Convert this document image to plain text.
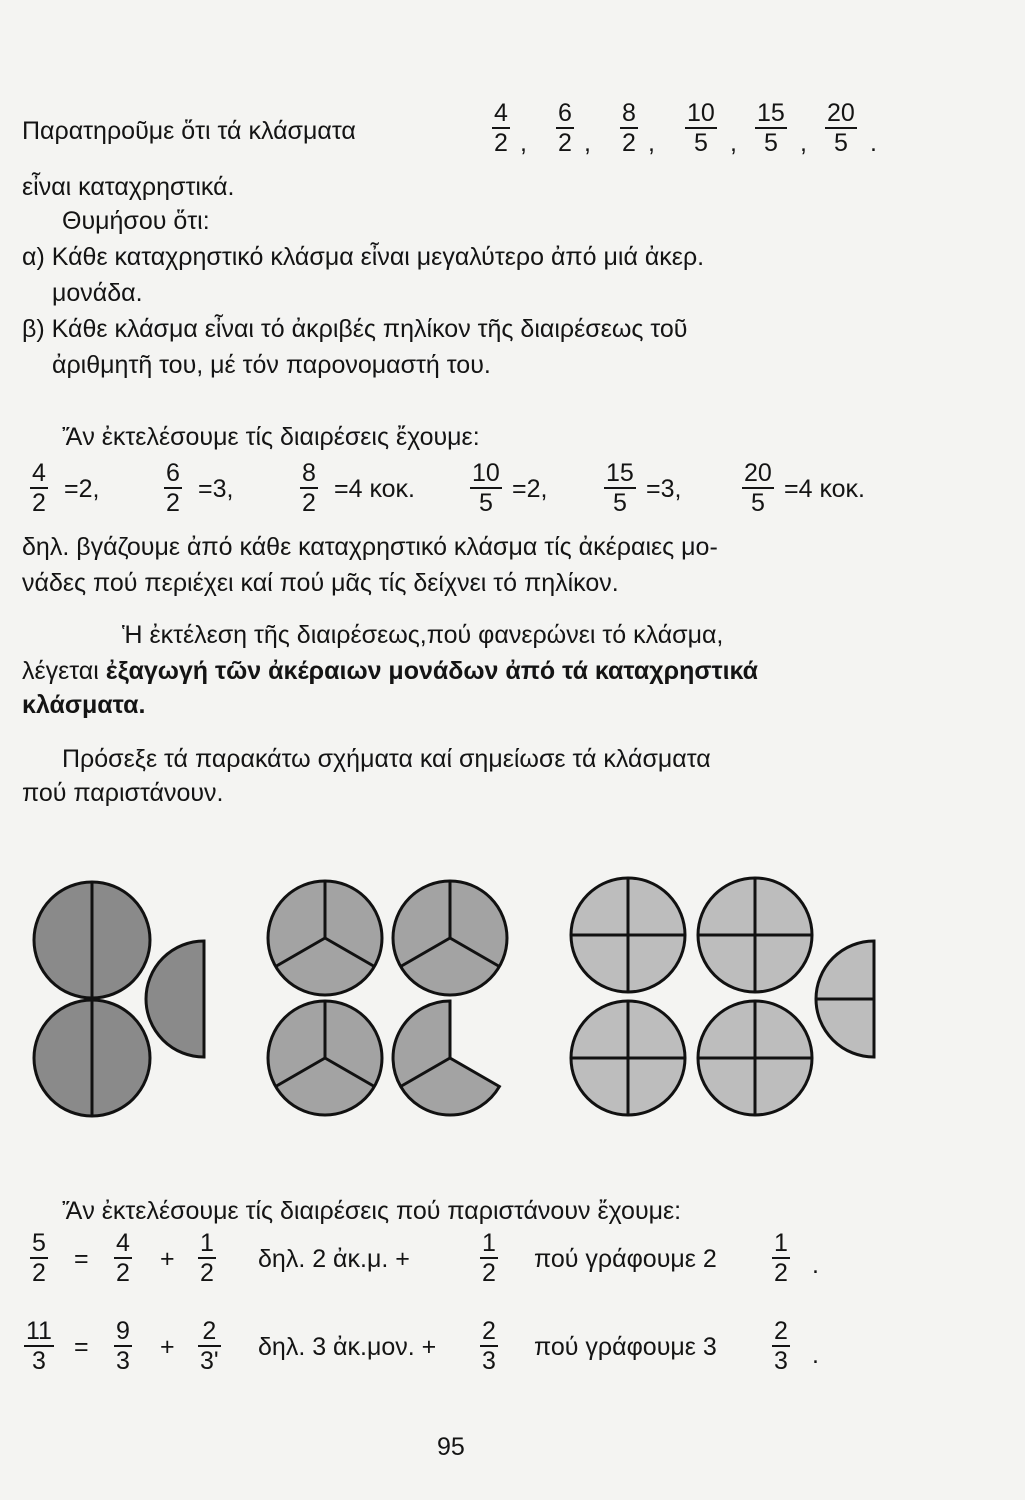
Παρατηροῦμε ὅτι τά κλάσματα
4
2 ,
6
2 ,
8
2 ,
10
5 ,
15
5 ,
20
5 .
εἶναι καταχρηστικά.
Θυμήσου ὅτι:
α) Κάθε καταχρηστικό κλάσμα εἶναι μεγαλύτερο ἀπό μιά ἀκερ.
μονάδα.
β) Κάθε κλάσμα εἶναι τό ἀκριβές πηλίκον τῆς διαιρέσεως τοῦ
ἀριθμητῆ του, μέ τόν παρονομαστή του.
Ἄν ἐκτελέσουμε τίς διαιρέσεις ἔχουμε:
4
2 =2,
6
2 =3,
8
2 =4 κοκ.
10
5 =2,
15
5 =3,
20
5 =4 κοκ.
δηλ. βγάζουμε ἀπό κάθε καταχρηστικό κλάσμα τίς ἀκέραιες μο-
νάδες πού περιέχει καί πού μᾶς τίς δείχνει τό πηλίκον.
Ἡ ἐκτέλεση τῆς διαιρέσεως,πού φανερώνει τό κλάσμα,
λέγεται ἐξαγωγή τῶν ἀκέραιων μονάδων ἀπό τά καταχρηστικά
κλάσματα.
Πρόσεξε τά παρακάτω σχήματα καί σημείωσε τά κλάσματα
πού παριστάνουν.
Ἄν ἐκτελέσουμε τίς διαιρέσεις πού παριστάνουν ἔχουμε:
5
2 =
4
2 +
1
2 δηλ. 2 ἀκ.μ. +
1
2 πού γράφουμε 2
1
2 .
11
3	=
9
3 +
2
3' δηλ. 3 ἀκ.μον. +
2
3 πού γράφουμε 3
2
3 .
95
